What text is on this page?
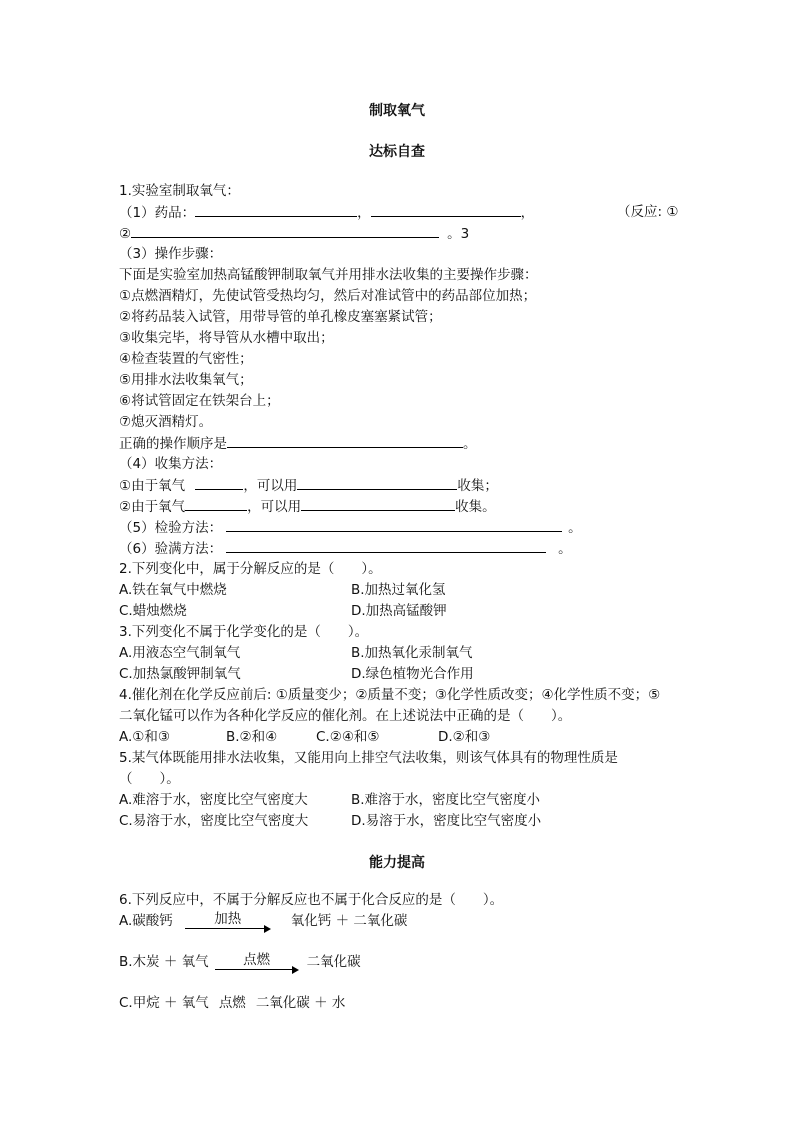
制取氧气
达标自查
1.实验室制取氧气：
（1）药品：	，	，	（反应: ①
②	。3
（3）操作步骤：
下面是实验室加热高锰酸钾制取氧气并用排水法收集的主要操作步骤：
①点燃酒精灯，先使试管受热均匀，然后对准试管中的药品部位加热；
②将药品装入试管，用带导管的单孔橡皮塞塞紧试管；
③收集完毕，将导管从水槽中取出；
④检查装置的气密性；
⑤用排水法收集氧气；
⑥将试管固定在铁架台上；
⑦熄灭酒精灯。
正确的操作顺序是	。
（4）收集方法：
①由于氧气	，可以用	收集；
②由于氧气	，可以用	收集。
（5）检验方法：	。
（6）验满方法：	。
2.下列变化中，属于分解反应的是（　　）。
A.铁在氧气中燃烧	B.加热过氧化氢
C.蜡烛燃烧	D.加热高锰酸钾
3.下列变化不属于化学变化的是（　　）。
A.用液态空气制氧气	B.加热氧化汞制氧气
C.加热氯酸钾制氧气	D.绿色植物光合作用
4.催化剂在化学反应前后: ①质量变少；②质量不变；③化学性质改变；④化学性质不变；⑤
二氧化锰可以作为各种化学反应的催化剂。在上述说法中正确的是（　　）。
A.①和③	B.②和④	C.②④和⑤	D.②和③
5.某气体既能用排水法收集，又能用向上排空气法收集，则该气体具有的物理性质是
（　　）。
A.难溶于水，密度比空气密度大	B.难溶于水，密度比空气密度小
C.易溶于水，密度比空气密度大	D.易溶于水，密度比空气密度小
能力提高
6.下列反应中，不属于分解反应也不属于化合反应的是（　　）。
A.碳酸钙	加热	氧化钙 ＋ 二氧化碳
B.木炭 ＋ 氧气	点燃	二氧化碳
C.甲烷 ＋ 氧气 点燃 二氧化碳 ＋ 水
